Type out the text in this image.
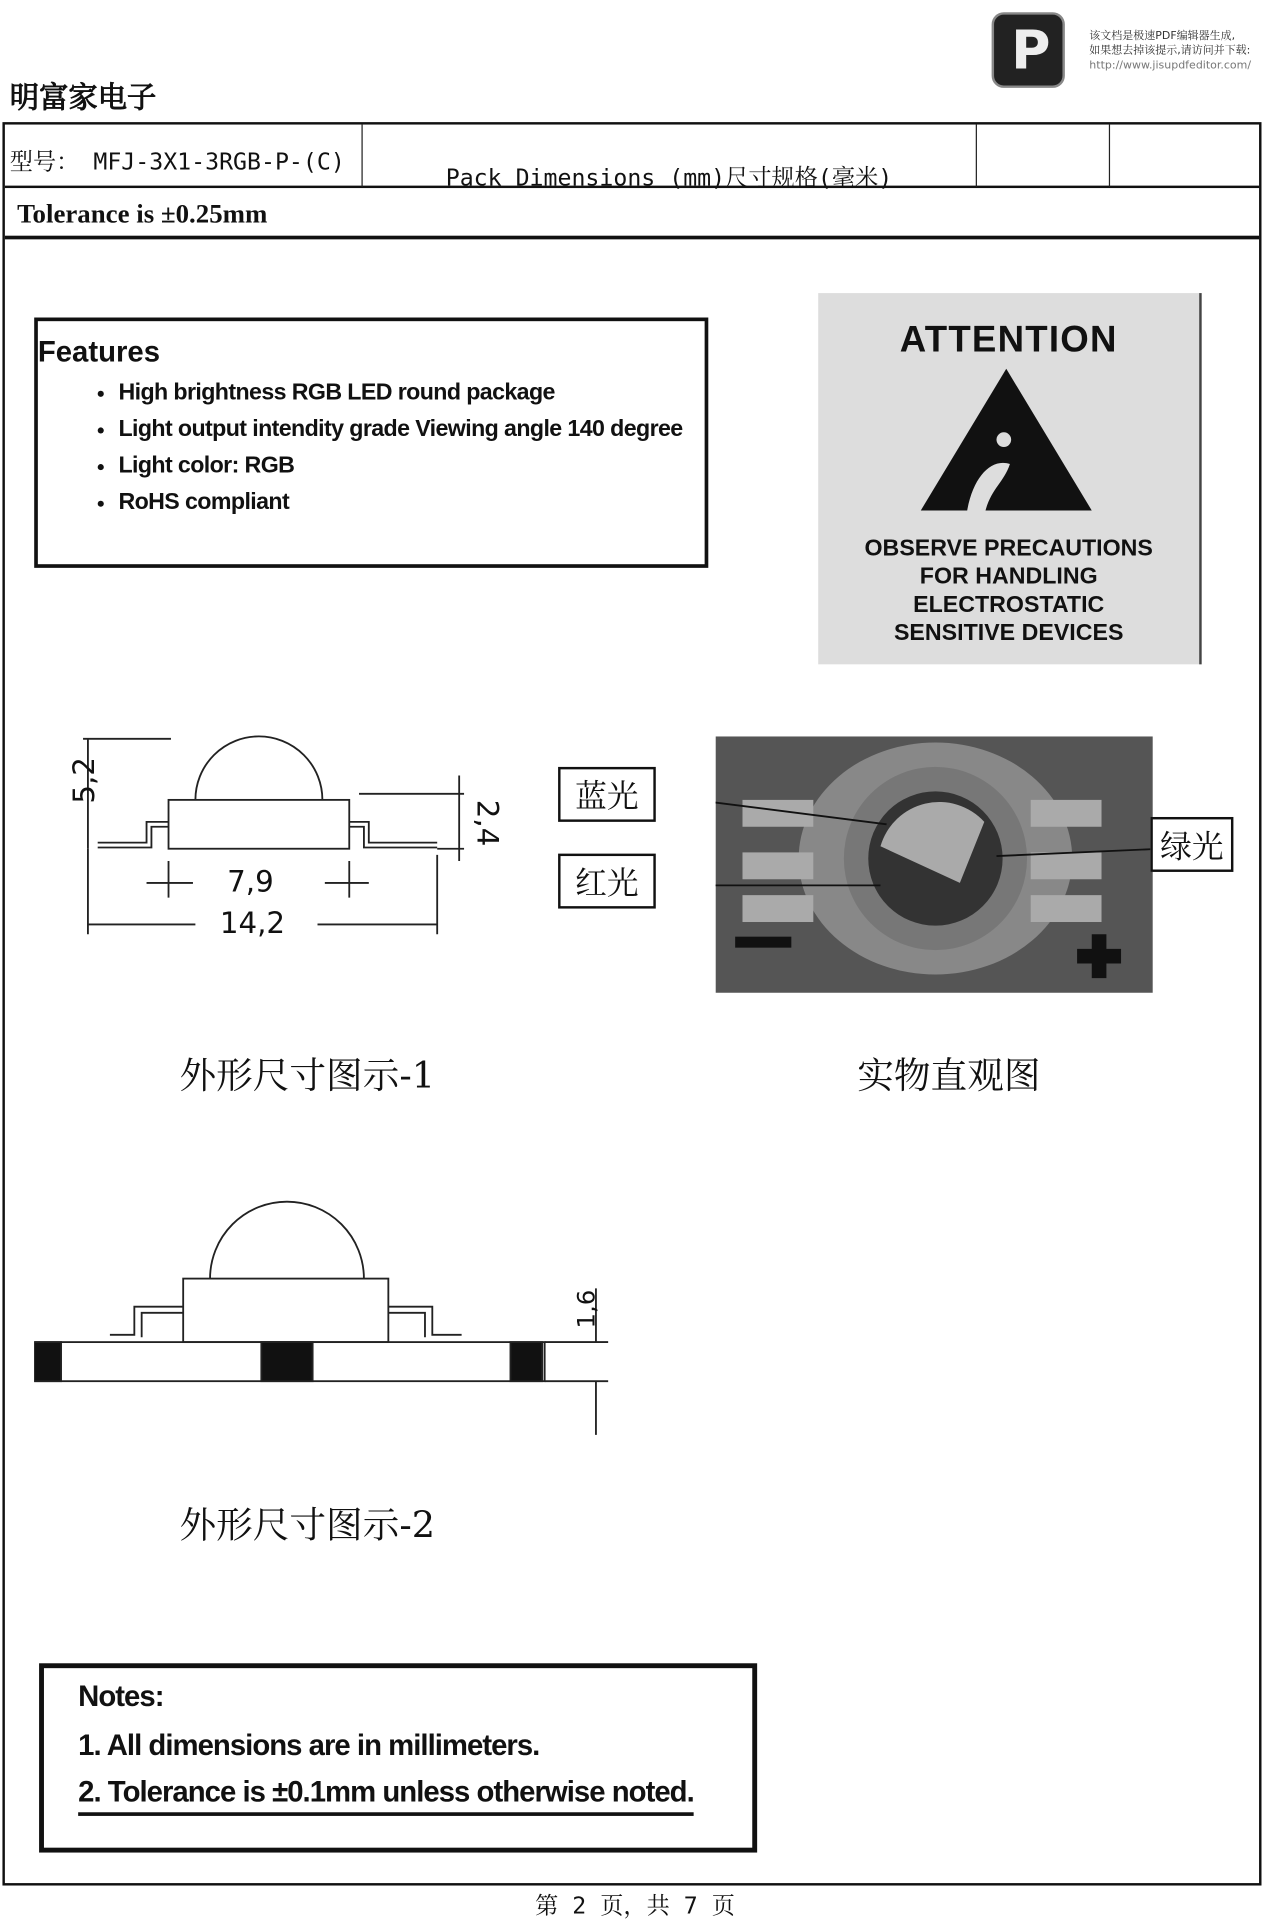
P	该文档是极速PDF编辑器生成,
如果想去掉该提示,请访问并下载:
http://www.jisupdfeditor.com/
明富家电子
型号： MFJ-3X1-3RGB-P-(C)
Pack Dimensions (mm)尺寸规格(毫米)
Tolerance is ±0.25mm
Features
• High brightness RGB LED round package
• Light output intendity grade Viewing angle 140 degree
• Light color: RGB
• RoHS compliant
ATTENTION
OBSERVE PRECAUTIONS
FOR HANDLING
ELECTROSTATIC
SENSITIVE DEVICES
5,2
2,4
7,9
14,2
外形尺寸图示-1
蓝光
红光
绿光
实物直观图
1,6
外形尺寸图示-2
Notes:
1. All dimensions are in millimeters.
2. Tolerance is ±0.1mm unless otherwise noted.
第 2 页，共 7 页
